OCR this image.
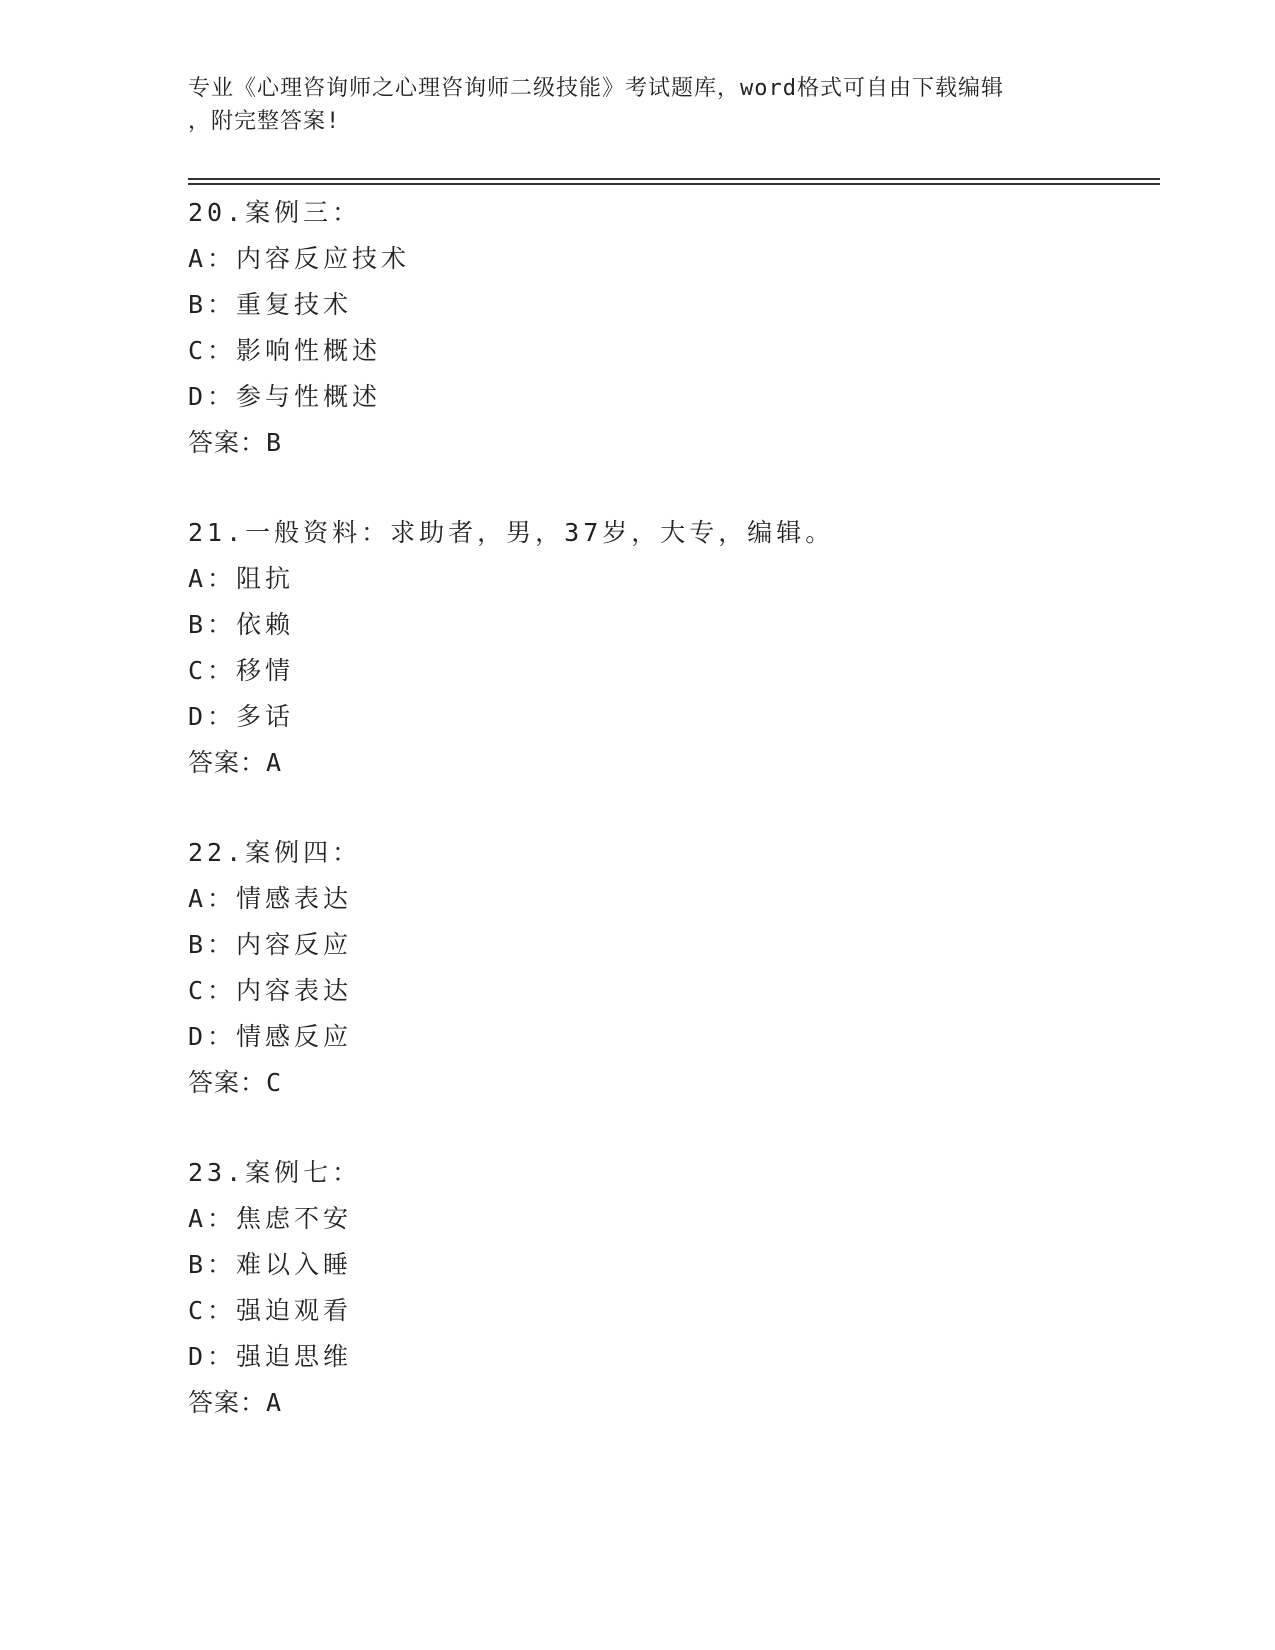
专业《心理咨询师之心理咨询师二级技能》考试题库，word格式可自由下载编辑
，附完整答案!
20.案例三：
A：内容反应技术
B：重复技术
C：影响性概述
D：参与性概述
答案：B
21.一般资料：求助者，男，37岁，大专，编辑。
A：阻抗
B：依赖
C：移情
D：多话
答案：A
22.案例四：
A：情感表达
B：内容反应
C：内容表达
D：情感反应
答案：C
23.案例七：
A：焦虑不安
B：难以入睡
C：强迫观看
D：强迫思维
答案：A
